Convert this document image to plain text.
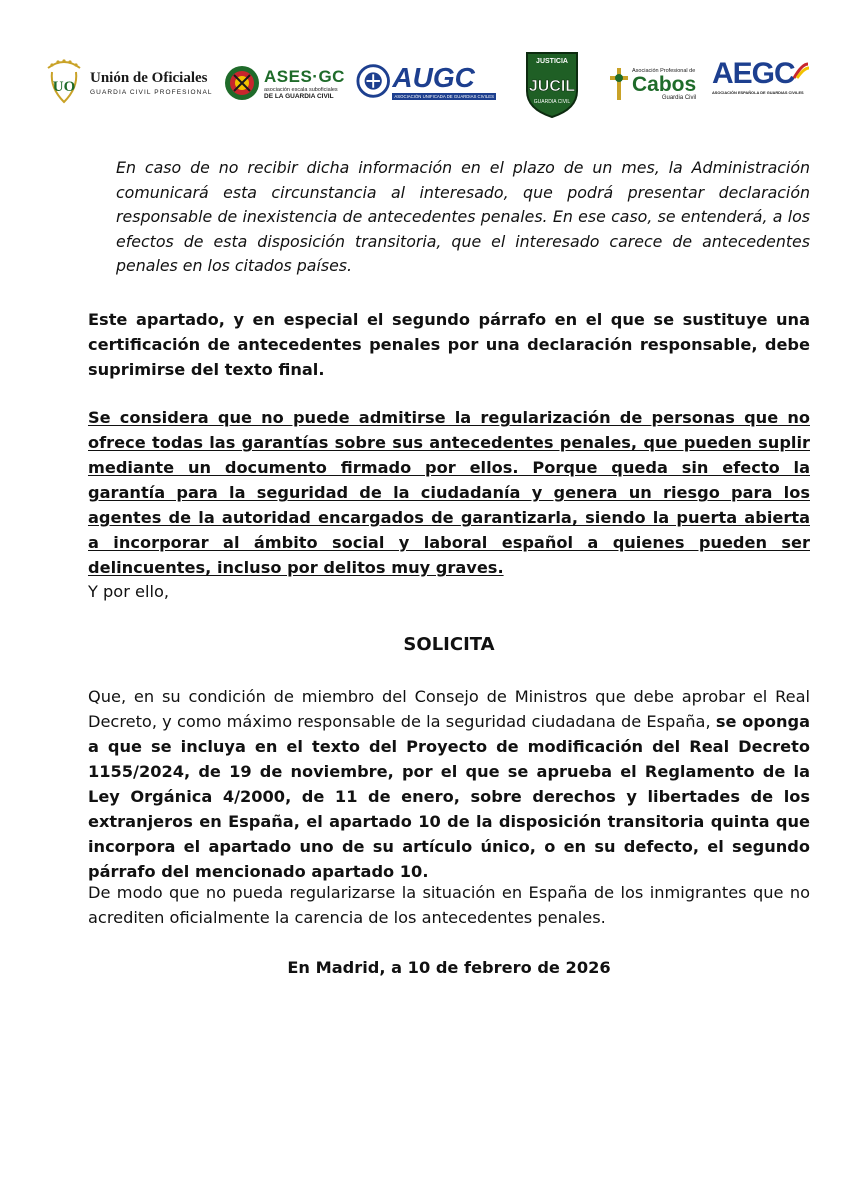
UO
Unión de Oficiales
GUARDIA CIVIL PROFESIONAL
ASES·GC
asociación escala suboficiales
DE LA GUARDIA CIVIL
AUGC
ASOCIACIÓN UNIFICADA DE GUARDIAS CIVILES
JUSTICIA
JUCIL
GUARDIA CIVIL
Asociación Profesional de
Cabos
Guardia Civil
AEGC
ASOCIACIÓN ESPAÑOLA DE GUARDIAS CIVILES

En caso de no recibir dicha información en el plazo de un mes, la Administración comunicará esta circunstancia al interesado, que podrá presentar declaración responsable de inexistencia de antecedentes penales. En ese caso, se entenderá, a los efectos de esta disposición transitoria, que el interesado carece de antecedentes penales en los citados países.

Este apartado, y en especial el segundo párrafo en el que se sustituye una certificación de antecedentes penales por una declaración responsable, debe suprimirse del texto final.

Se considera que no puede admitirse la regularización de personas que no ofrece todas las garantías sobre sus antecedentes penales, que pueden suplir mediante un documento firmado por ellos. Porque queda sin efecto la garantía para la seguridad de la ciudadanía y genera un riesgo para los agentes de la autoridad encargados de garantizarla, siendo la puerta abierta a incorporar al ámbito social y laboral español a quienes pueden ser delincuentes, incluso por delitos muy graves.

Y por ello,

SOLICITA

Que, en su condición de miembro del Consejo de Ministros que debe aprobar el Real Decreto, y como máximo responsable de la seguridad ciudadana de España, se oponga a que se incluya en el texto del Proyecto de modificación del Real Decreto 1155/2024, de 19 de noviembre, por el que se aprueba el Reglamento de la Ley Orgánica 4/2000, de 11 de enero, sobre derechos y libertades de los extranjeros en España, el apartado 10 de la disposición transitoria quinta que incorpora el apartado uno de su artículo único, o en su defecto, el segundo párrafo del mencionado apartado 10.

De modo que no pueda regularizarse la situación en España de los inmigrantes que no acrediten oficialmente la carencia de los antecedentes penales.

En Madrid, a 10 de febrero de 2026
